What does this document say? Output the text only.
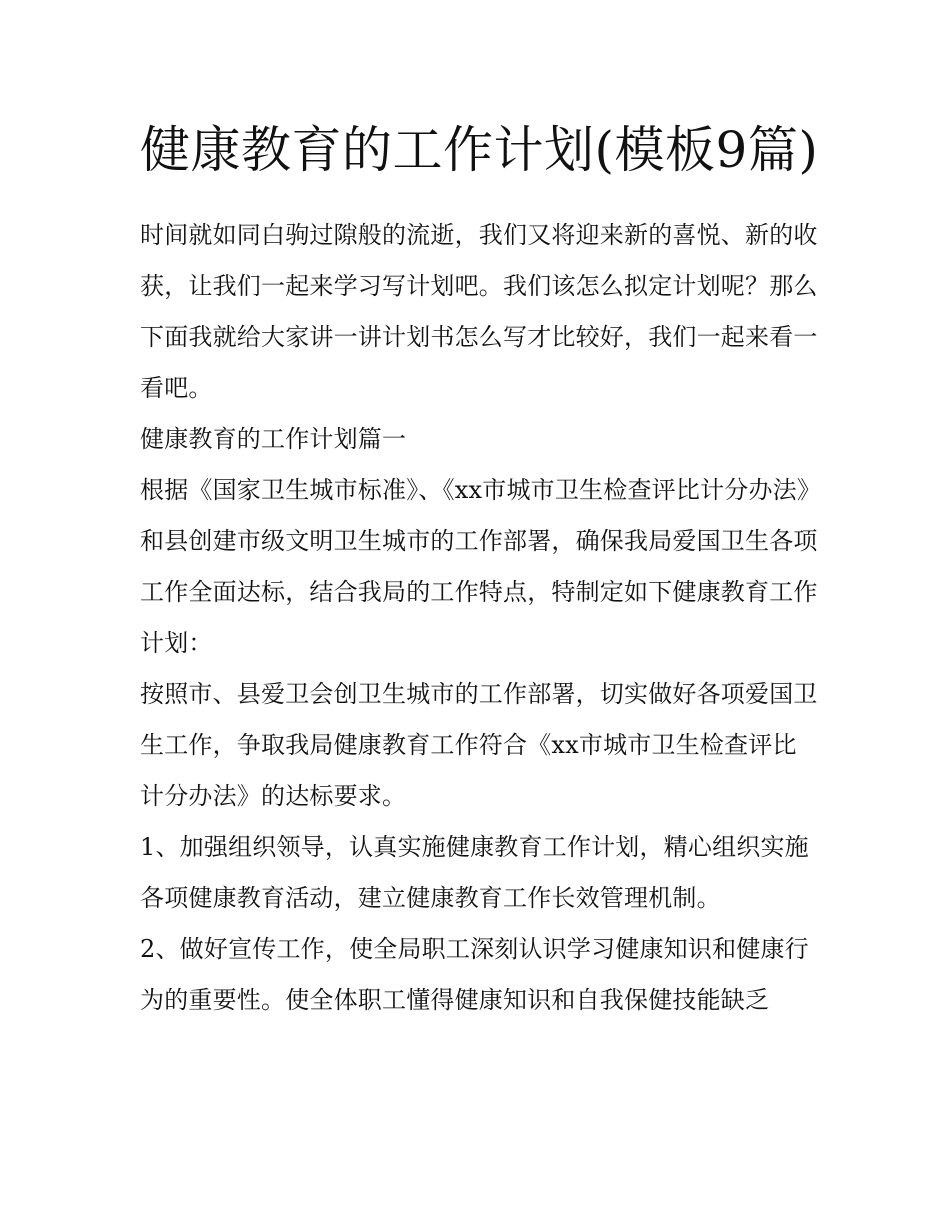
健康教育的工作计划(模板9篇)

时间就如同白驹过隙般的流逝，我们又将迎来新的喜悦、新的收获，让我们一起来学习写计划吧。我们该怎么拟定计划呢？那么下面我就给大家讲一讲计划书怎么写才比较好，我们一起来看一看吧。

健康教育的工作计划篇一

根据《国家卫生城市标准》、《xx市城市卫生检查评比计分办法》和县创建市级文明卫生城市的工作部署，确保我局爱国卫生各项工作全面达标，结合我局的工作特点，特制定如下健康教育工作计划：

按照市、县爱卫会创卫生城市的工作部署，切实做好各项爱国卫生工作，争取我局健康教育工作符合《xx市城市卫生检查评比计分办法》的达标要求。

1、加强组织领导，认真实施健康教育工作计划，精心组织实施各项健康教育活动，建立健康教育工作长效管理机制。

2、做好宣传工作，使全局职工深刻认识学习健康知识和健康行为的重要性。使全体职工懂得健康知识和自我保健技能缺乏
